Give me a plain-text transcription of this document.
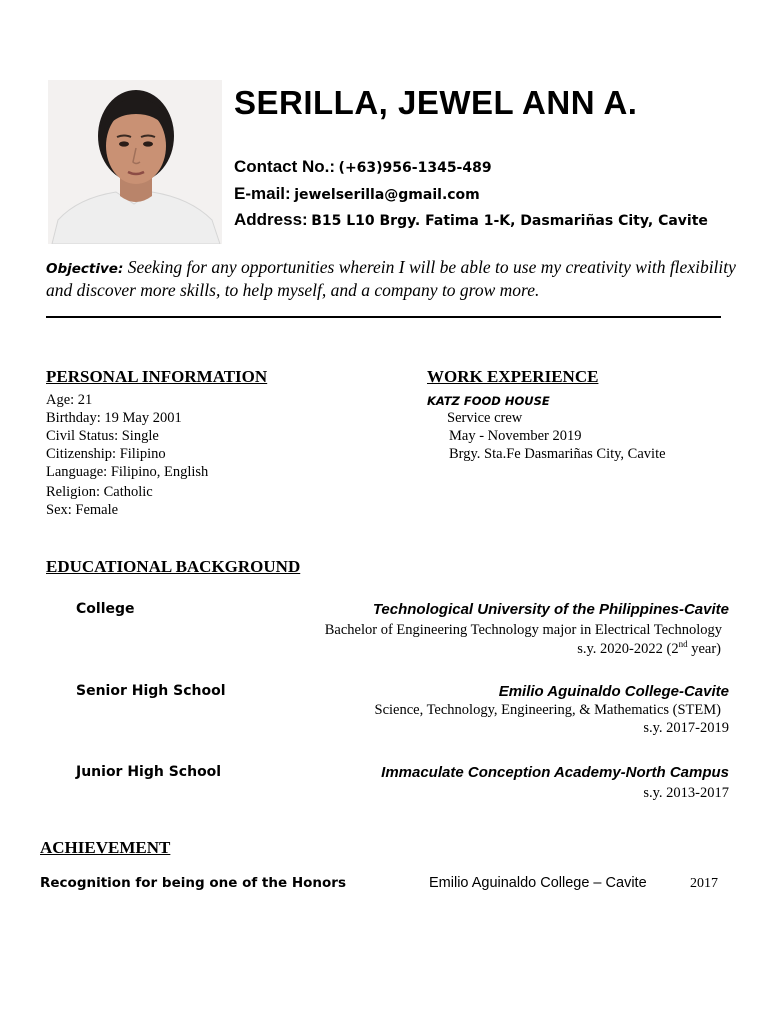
SERILLA, JEWEL ANN A.
Contact No.: (+63)956-1345-489
E-mail: jewelserilla@gmail.com
Address: B15 L10 Brgy. Fatima 1-K, Dasmariñas City, Cavite
Objective: Seeking for any opportunities wherein I will be able to use my creativity with flexibility and discover more skills, to help myself, and a company to grow more.
PERSONAL INFORMATION
Age: 21
Birthday: 19 May 2001
Civil Status: Single
Citizenship: Filipino
Language: Filipino, English
Religion: Catholic
Sex: Female
WORK EXPERIENCE
KATZ FOOD HOUSE
Service crew
May - November 2019
Brgy. Sta.Fe Dasmariñas City, Cavite
EDUCATIONAL BACKGROUND
College	Technological University of the Philippines-Cavite
Bachelor of Engineering Technology major in Electrical Technology
s.y. 2020-2022 (2nd year)
Senior High School	Emilio Aguinaldo College-Cavite
Science, Technology, Engineering, & Mathematics (STEM)
s.y. 2017-2019
Junior High School	Immaculate Conception Academy-North Campus
s.y. 2013-2017
ACHIEVEMENT
Recognition for being one of the Honors	Emilio Aguinaldo College – Cavite	2017
